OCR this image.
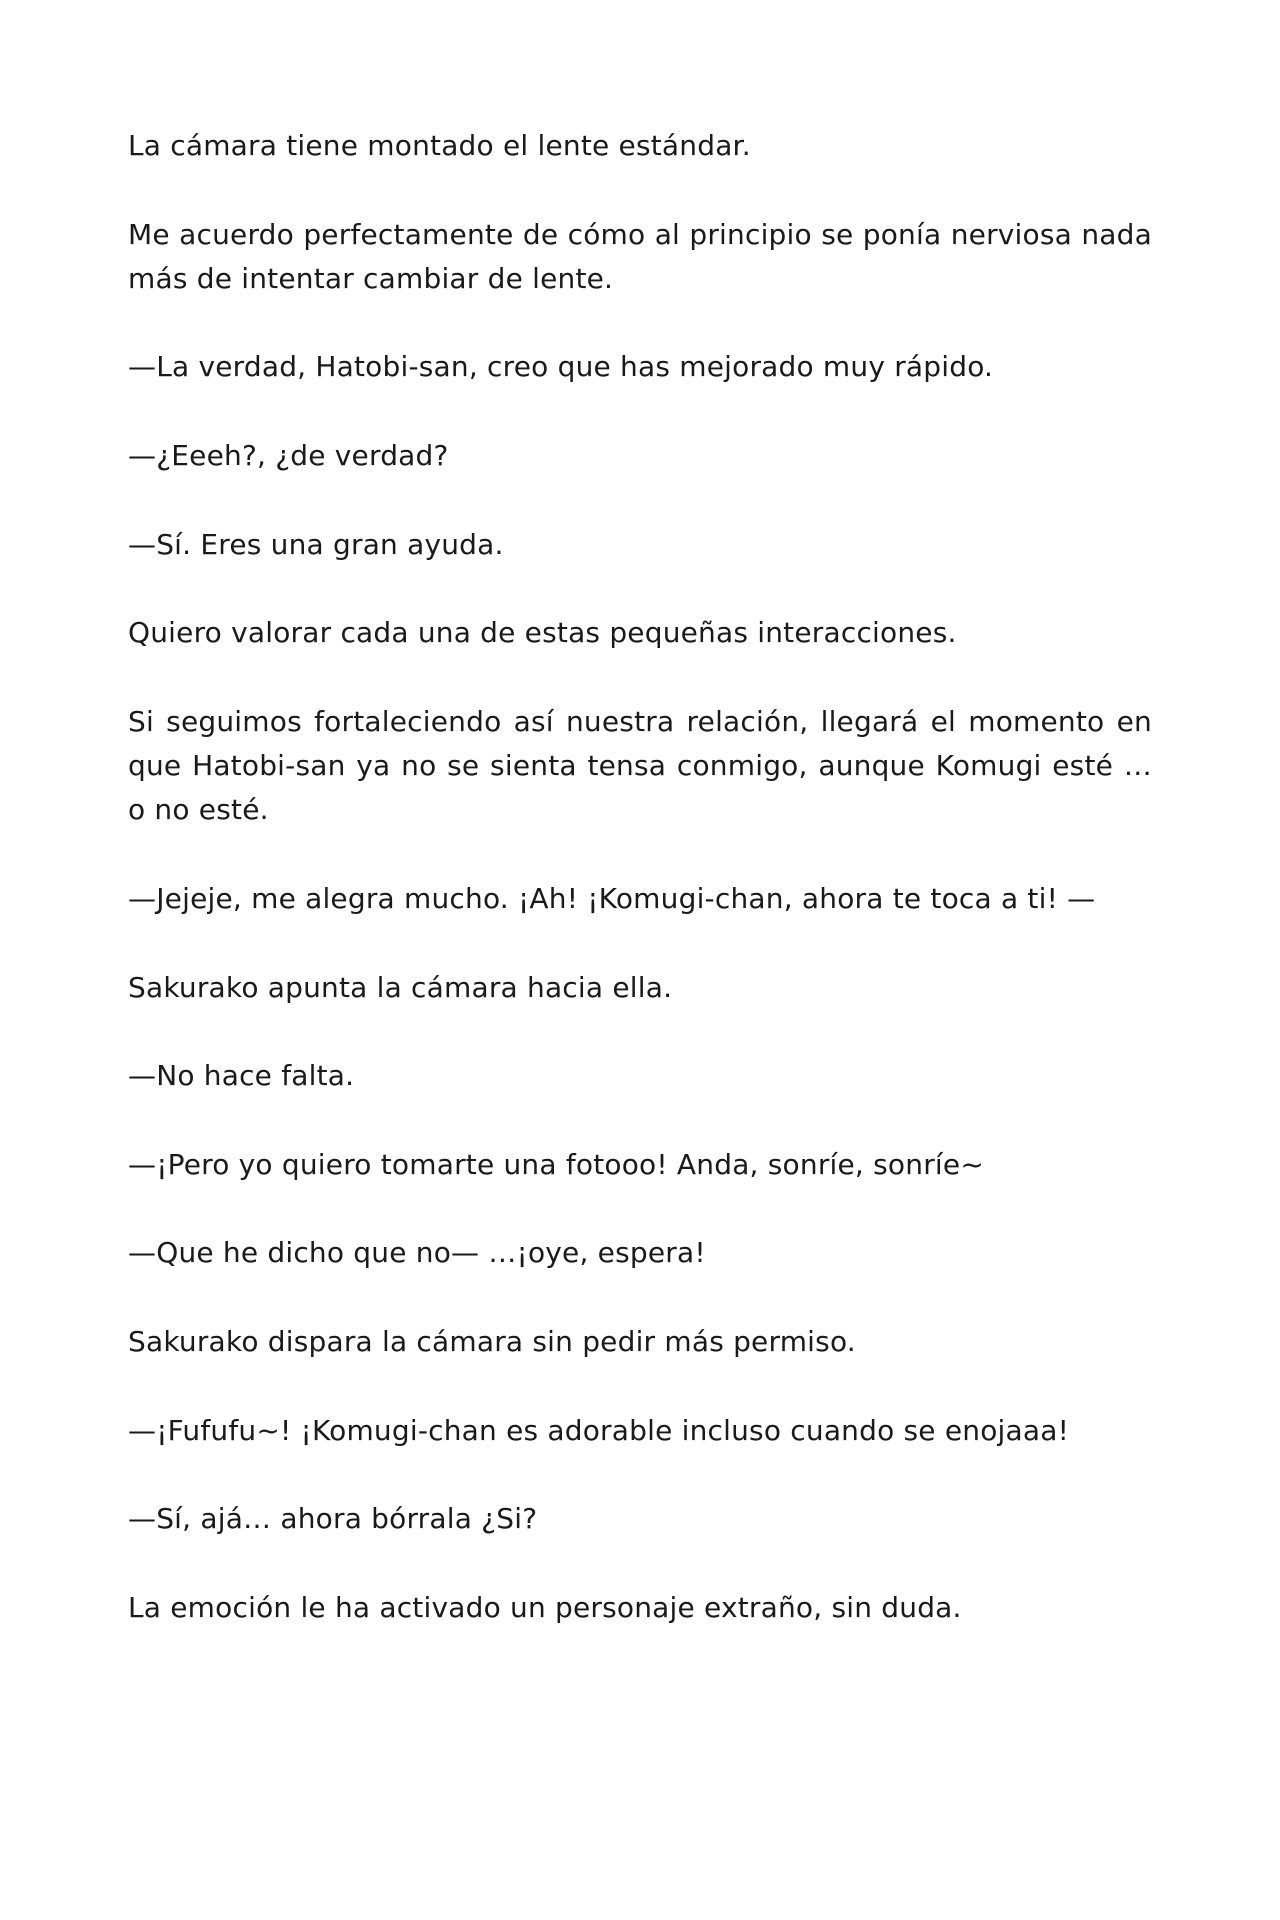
La cámara tiene montado el lente estándar.

Me acuerdo perfectamente de cómo al principio se ponía nerviosa nada más de intentar cambiar de lente.

—La verdad, Hatobi-san, creo que has mejorado muy rápido.

—¿Eeeh?, ¿de verdad?

—Sí. Eres una gran ayuda.

Quiero valorar cada una de estas pequeñas interacciones.

Si seguimos fortaleciendo así nuestra relación, llegará el momento en que Hatobi-san ya no se sienta tensa conmigo, aunque Komugi esté … o no esté.

—Jejeje, me alegra mucho. ¡Ah! ¡Komugi-chan, ahora te toca a ti! —

Sakurako apunta la cámara hacia ella.

—No hace falta.

—¡Pero yo quiero tomarte una fotooo! Anda, sonríe, sonríe~

—Que he dicho que no— …¡oye, espera!

Sakurako dispara la cámara sin pedir más permiso.

—¡Fufufu~! ¡Komugi-chan es adorable incluso cuando se enojaaa!

—Sí, ajá… ahora bórrala ¿Si?

La emoción le ha activado un personaje extraño, sin duda.
